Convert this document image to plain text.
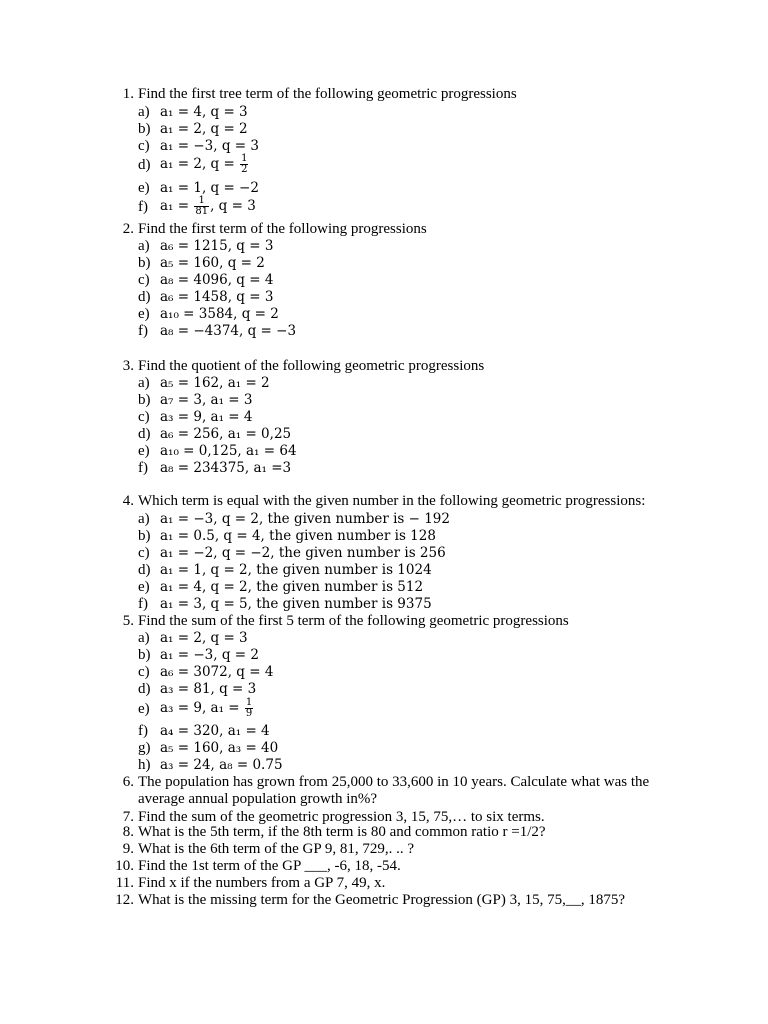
1. Find the first tree term of the following geometric progressions
a) a₁ = 4, q = 3
b) a₁ = 2, q = 2
c) a₁ = −3, q = 3
d) a₁ = 2, $q = \frac{1}{2}$
e) a₁ = 1, q = −2
f) $a_1 = \frac{1}{81}$ , q = 3
2. Find the first term of the following progressions
a) a₆ = 1215, q = 3
b) a₅ = 160, q = 2
c) a₈ = 4096, q = 4
d) a₆ = 1458, q = 3
e) a₁₀ = 3584, q = 2
f) a₈ = −4374, q = −3
3. Find the quotient of the following geometric progressions
a) a₅ = 162, a₁ = 2
b) a₇ = 3, a₁ = 3
c) a₃ = 9, a₁ = 4
d) a₆ = 256, a₁ = 0,25
e) a₁₀ = 0,125, a₁ = 64
f) a₈ = 234375, a₁ =3
4. Which term is equal with the given number in the following geometric progressions:
a) a₁ = −3, q = 2, the given number is − 192
b) a₁ = 0.5, q = 4, the given number is 128
c) a₁ = −2, q = −2, the given number is 256
d) a₁ = 1, q = 2, the given number is 1024
e) a₁ = 4, q = 2, the given number is 512
f) a₁ = 3, q = 5, the given number is 9375
5. Find the sum of the first 5 term of the following geometric progressions
a) a₁ = 2, q = 3
b) a₁ = −3, q = 2
c) a₆ = 3072, q = 4
d) a₃ = 81, q = 3
e) a₃ = 9, $a_1 = \frac{1}{9}$
f) a₄ = 320, a₁ = 4
g) a₅ = 160, a₃ = 40
h) a₃ = 24, a₈ = 0.75
6. The population has grown from 25,000 to 33,600 in 10 years. Calculate what was the average annual population growth in%?
7. Find the sum of the geometric progression 3, 15, 75,… to six terms.
8. What is the 5th term, if the 8th term is 80 and common ratio r =1/2?
9. What is the 6th term of the GP 9, 81, 729,. .. ?
10. Find the 1st term of the GP ___, -6, 18, -54.
11. Find x if the numbers from a GP 7, 49, x.
12. What is the missing term for the Geometric Progression (GP) 3, 15, 75,__, 1875?
